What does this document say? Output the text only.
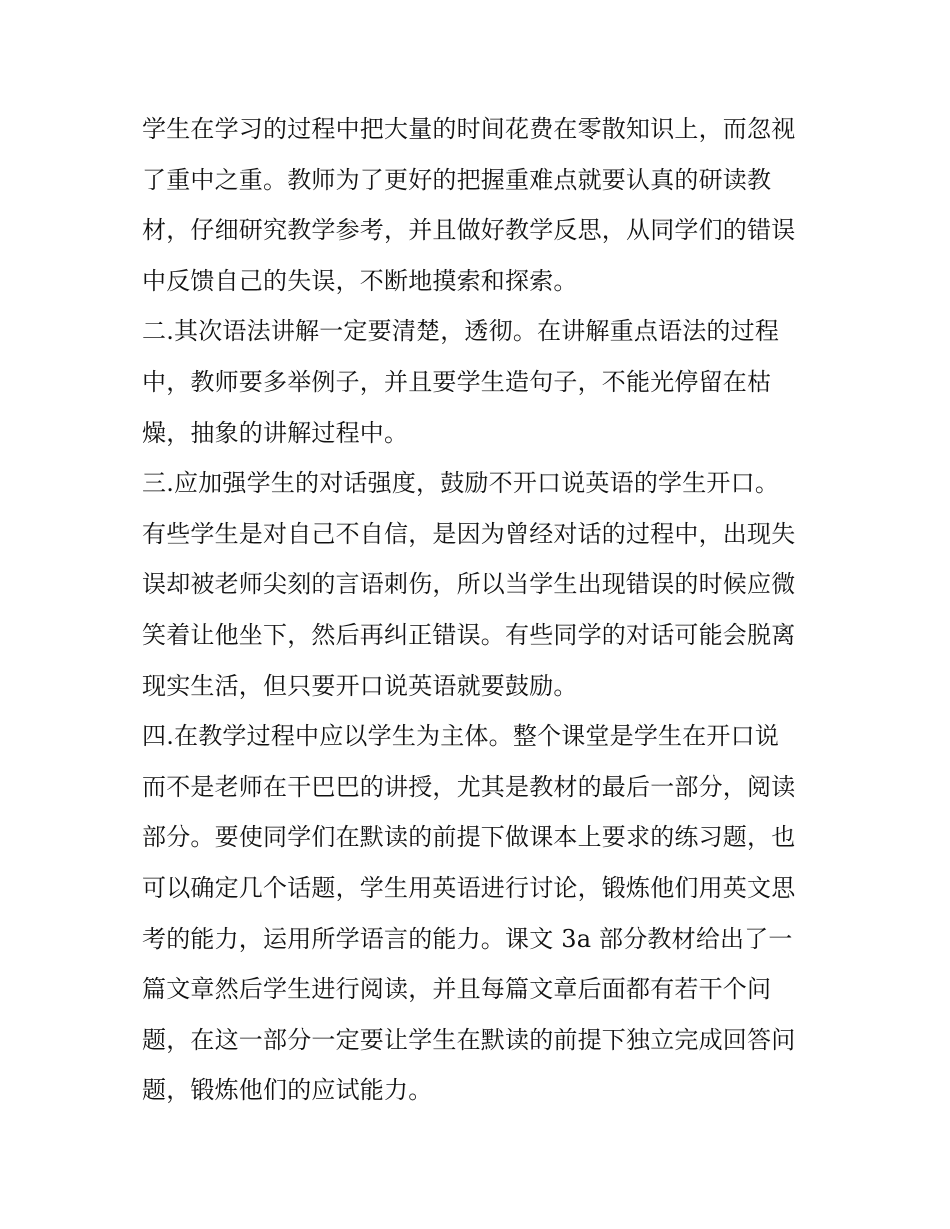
学生在学习的过程中把大量的时间花费在零散知识上，而忽视
了重中之重。教师为了更好的把握重难点就要认真的研读教
材，仔细研究教学参考，并且做好教学反思，从同学们的错误
中反馈自己的失误，不断地摸索和探索。
二.其次语法讲解一定要清楚，透彻。在讲解重点语法的过程
中，教师要多举例子，并且要学生造句子，不能光停留在枯
燥，抽象的讲解过程中。
三.应加强学生的对话强度，鼓励不开口说英语的学生开口。
有些学生是对自己不自信，是因为曾经对话的过程中，出现失
误却被老师尖刻的言语刺伤，所以当学生出现错误的时候应微
笑着让他坐下，然后再纠正错误。有些同学的对话可能会脱离
现实生活，但只要开口说英语就要鼓励。
四.在教学过程中应以学生为主体。整个课堂是学生在开口说
而不是老师在干巴巴的讲授，尤其是教材的最后一部分，阅读
部分。要使同学们在默读的前提下做课本上要求的练习题，也
可以确定几个话题，学生用英语进行讨论，锻炼他们用英文思
考的能力，运用所学语言的能力。课文 3a 部分教材给出了一
篇文章然后学生进行阅读，并且每篇文章后面都有若干个问
题，在这一部分一定要让学生在默读的前提下独立完成回答问
题，锻炼他们的应试能力。
